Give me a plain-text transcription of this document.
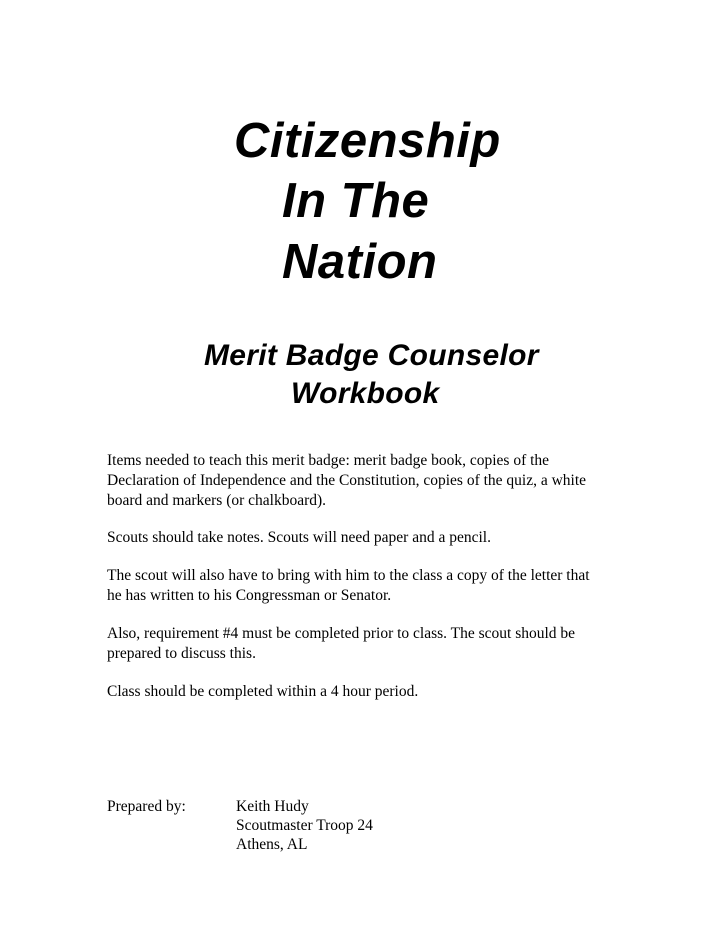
Citizenship
In The
Nation
Merit Badge Counselor
Workbook

Items needed to teach this merit badge: merit badge book, copies of the Declaration of Independence and the Constitution, copies of the quiz, a white board and markers (or chalkboard).

Scouts should take notes. Scouts will need paper and a pencil.

The scout will also have to bring with him to the class a copy of the letter that he has written to his Congressman or Senator.

Also, requirement #4 must be completed prior to class. The scout should be prepared to discuss this.

Class should be completed within a 4 hour period.

Prepared by:	Keith Hudy
Scoutmaster Troop 24
Athens, AL
